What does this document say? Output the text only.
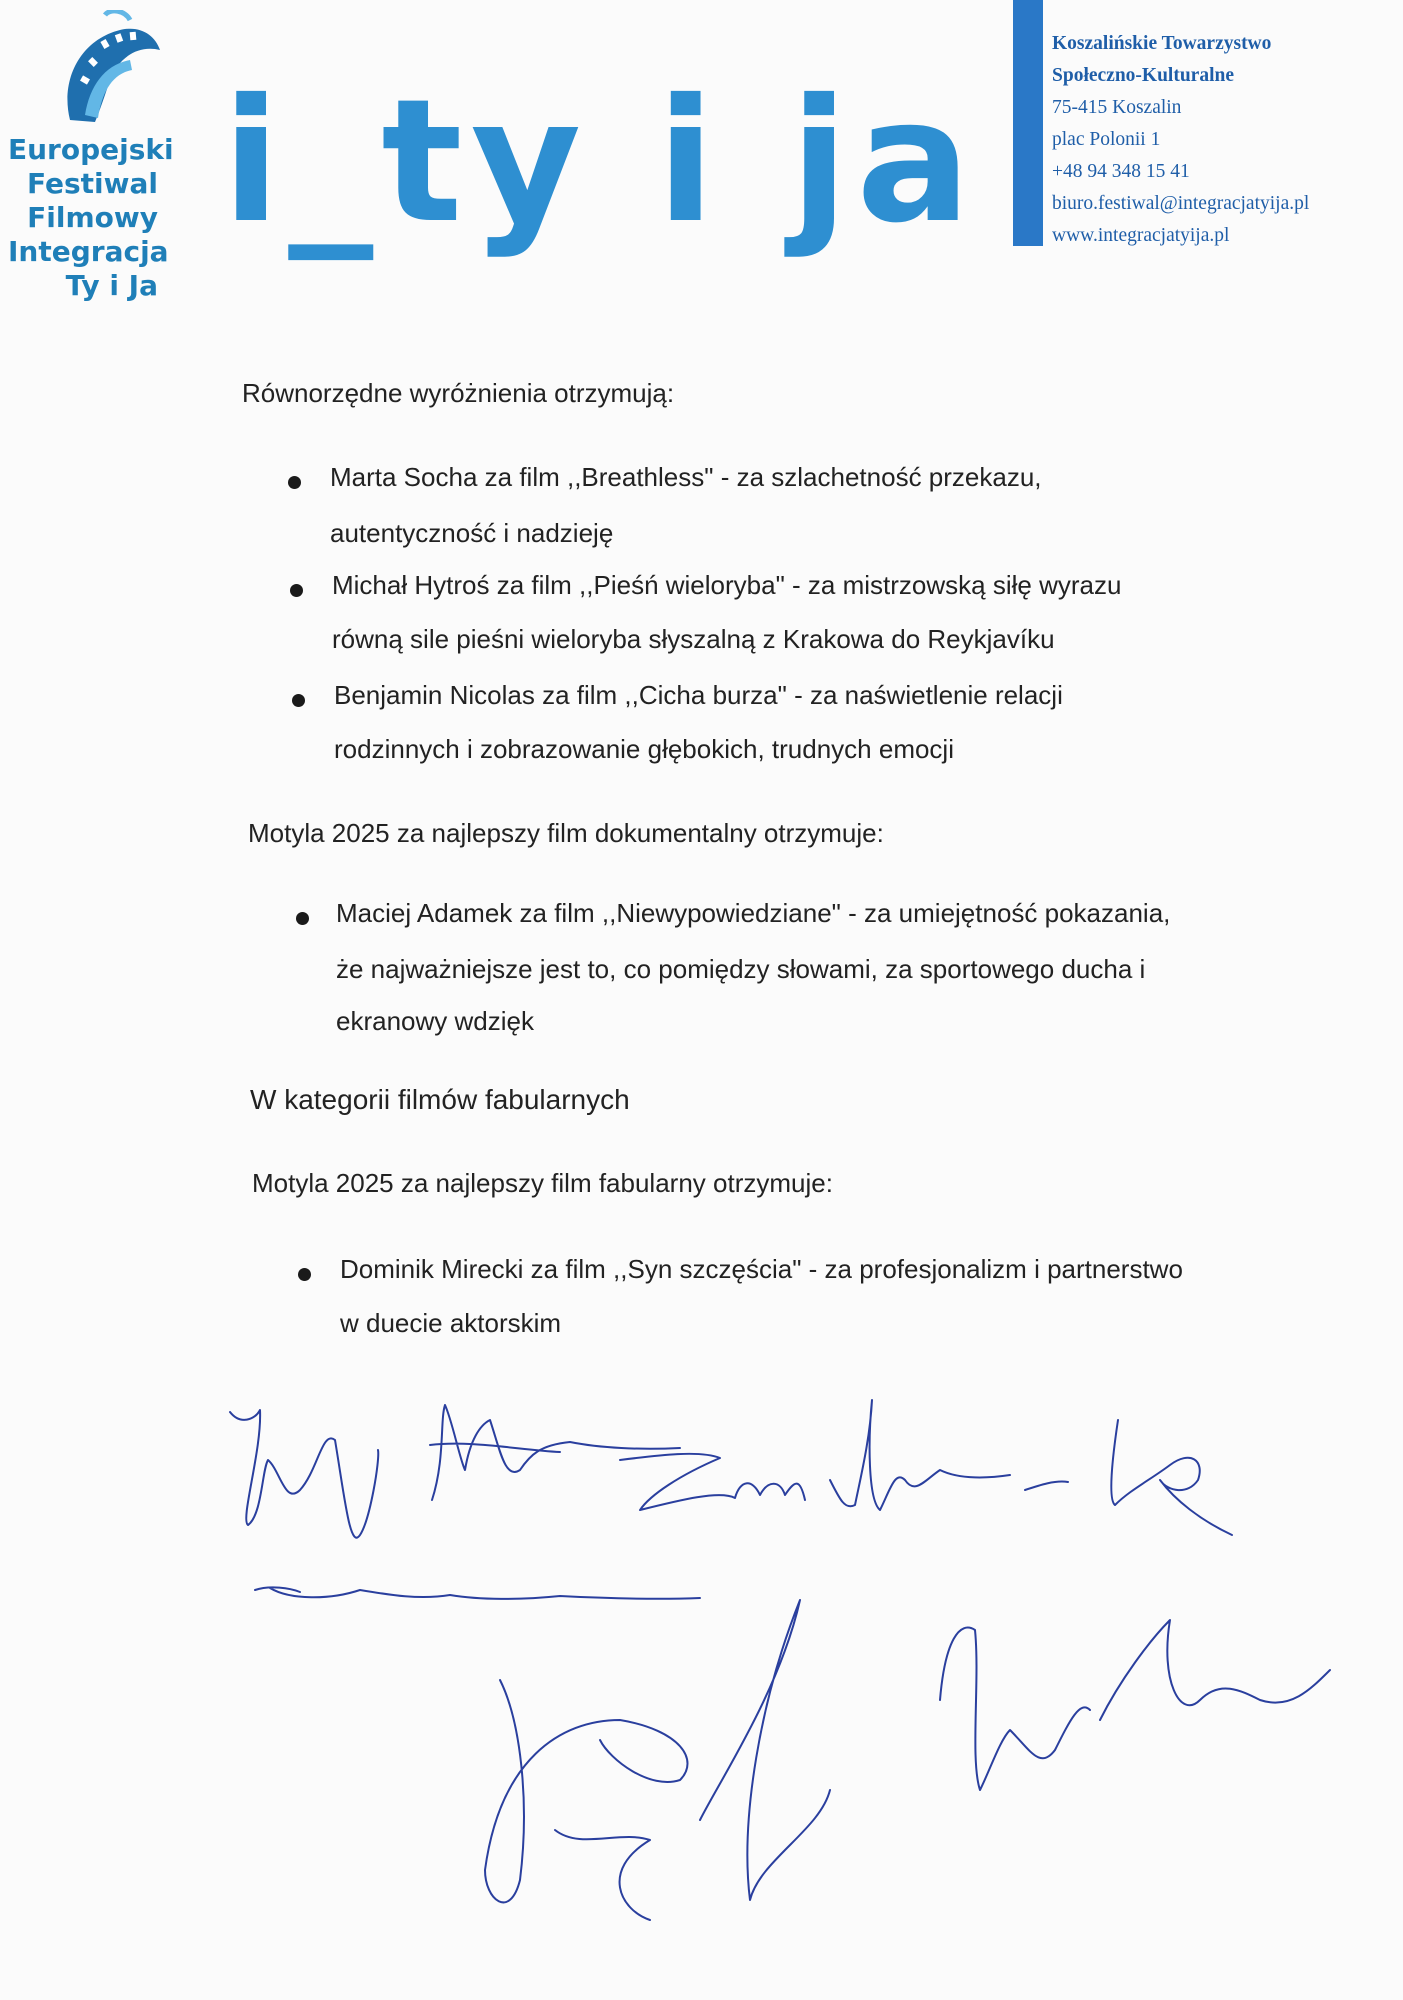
Europejski
Festiwal
Filmowy
Integracja
Ty i Ja
i_ty i ja
Koszalińskie Towarzystwo
Społeczno-Kulturalne
75-415 Koszalin
plac Polonii 1
+48 94 348 15 41
biuro.festiwal@integracjatyija.pl
www.integracjatyija.pl
Równorzędne wyróżnienia otrzymują:
Marta Socha za film ,,Breathless" - za szlachetność przekazu,
autentyczność i nadzieję
Michał Hytroś za film ,,Pieśń wieloryba" - za mistrzowską siłę wyrazu
równą sile pieśni wieloryba słyszalną z Krakowa do Reykjavíku
Benjamin Nicolas za film ,,Cicha burza" - za naświetlenie relacji
rodzinnych i zobrazowanie głębokich, trudnych emocji
Motyla 2025 za najlepszy film dokumentalny otrzymuje:
Maciej Adamek za film ,,Niewypowiedziane" - za umiejętność pokazania,
że najważniejsze jest to, co pomiędzy słowami, za sportowego ducha i
ekranowy wdzięk
W kategorii filmów fabularnych
Motyla 2025 za najlepszy film fabularny otrzymuje:
Dominik Mirecki za film ,,Syn szczęścia" - za profesjonalizm i partnerstwo
w duecie aktorskim
